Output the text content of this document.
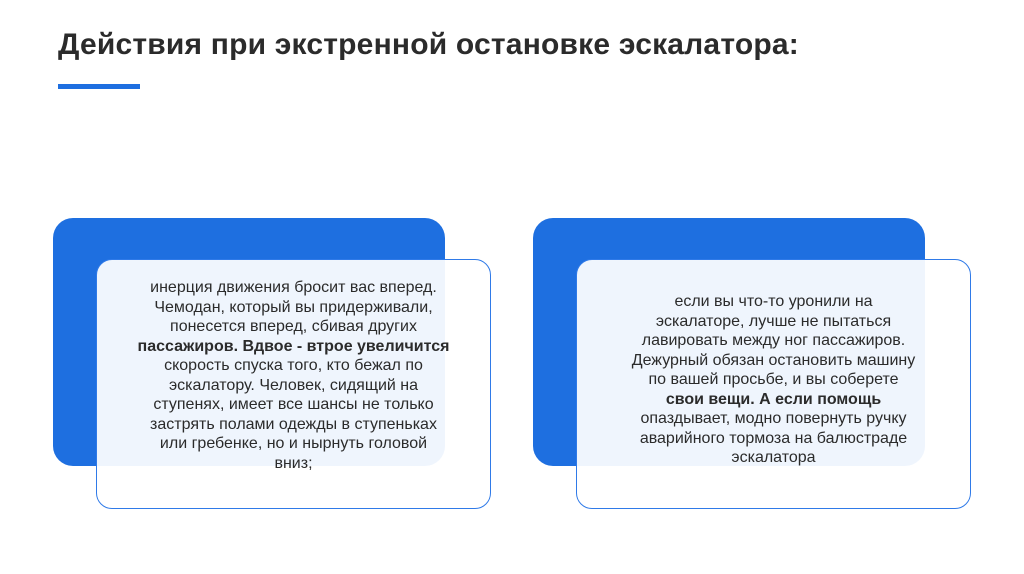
Действия при экстренной остановке эскалатора:
инерция движения бросит вас вперед.
Чемодан, который вы придерживали,
понесется вперед, сбивая других
пассажиров. Вдвое - втрое увеличится
скорость спуска того, кто бежал по
эскалатору. Человек, сидящий на
ступенях, имеет все шансы не только
застрять полами одежды в ступеньках
или гребенке, но и нырнуть головой
вниз;
если вы что-то уронили на
эскалаторе, лучше не пытаться
лавировать между ног пассажиров.
Дежурный обязан остановить машину
по вашей просьбе, и вы соберете
свои вещи. А если помощь
опаздывает, модно повернуть ручку
аварийного тормоза на балюстраде
эскалатора
